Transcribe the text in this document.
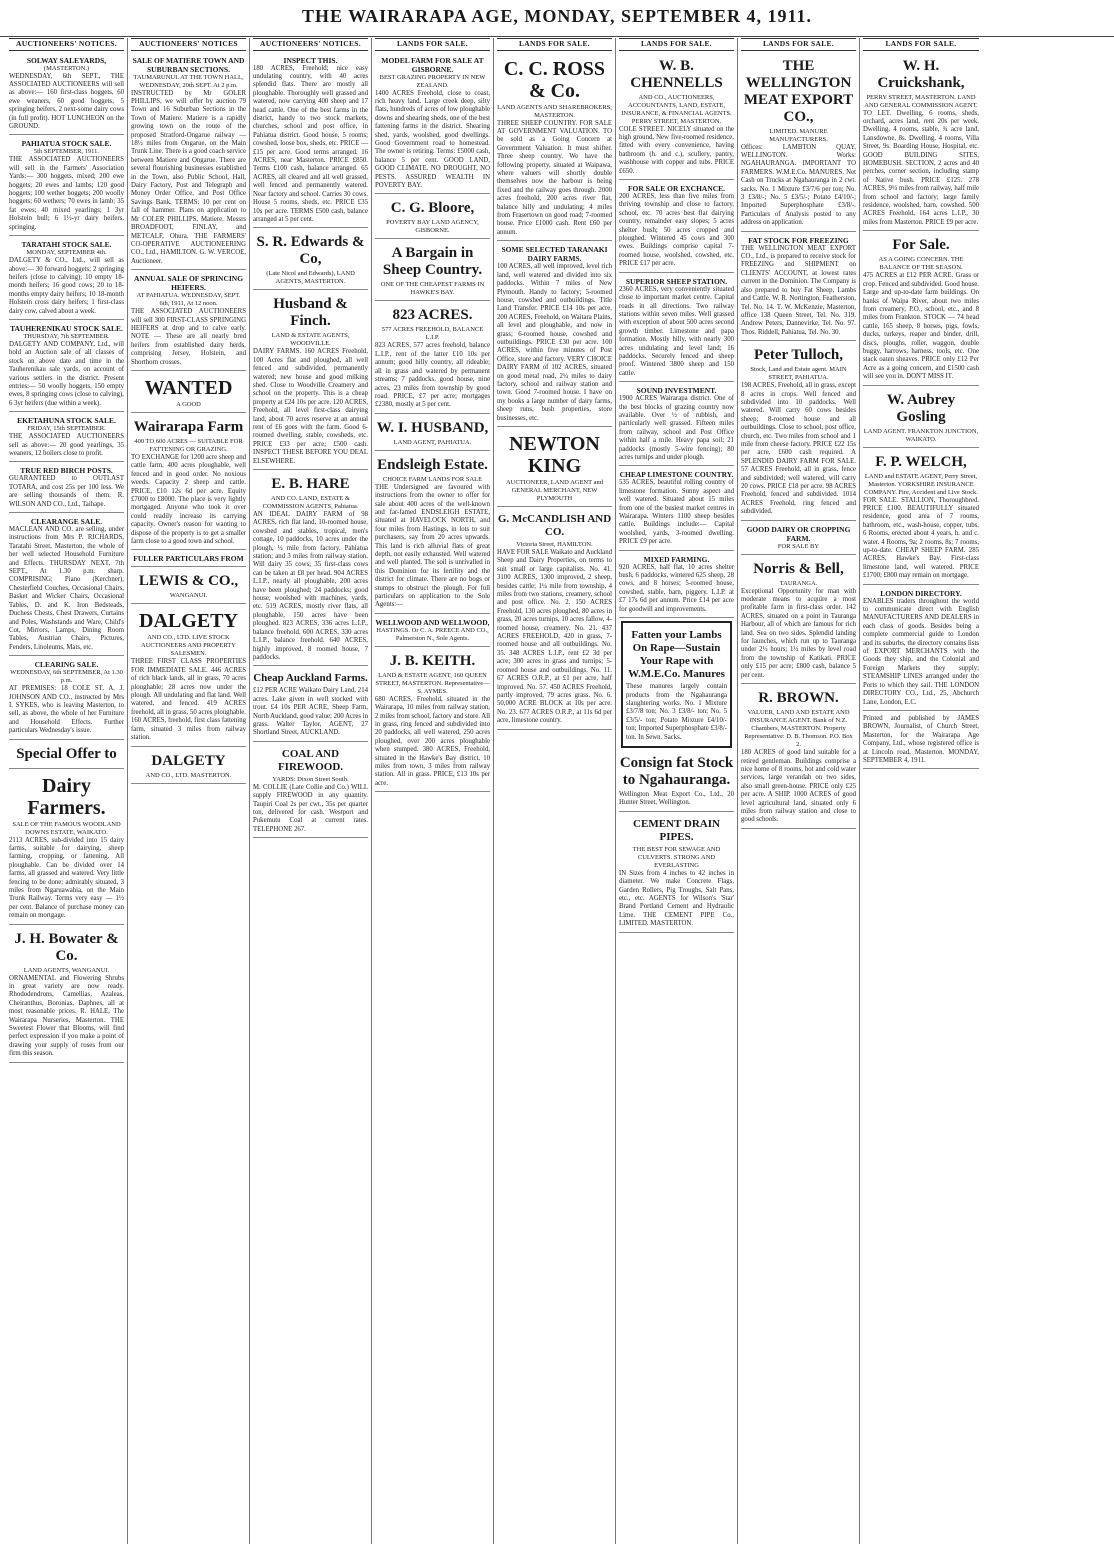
THE WAIRARAPA AGE, MONDAY, SEPTEMBER 4, 1911.
AUCTIONEERS' NOTICES.
SOLWAY SALEYARDS,
(MASTERTON.)
WEDNESDAY, 6th SEPT., THE ASSOCIATED AUCTIONEERS will sell as above:— 160 first-class hoggets, 60 ewe weaners, 60 good hoggets, 5 springing heifers, 2 next-some dairy cows (in full profit). HOT LUNCHEON on the GROUND.
PAHIATUA STOCK SALE.
5th SEPTEMBER, 1911.
THE ASSOCIATED AUCTIONEERS will sell in the Farmers' Association Yards:— 300 hoggets, mixed; 200 ewe hoggets; 20 ewes and lambs; 120 good hoggets; 100 wether hoggets; 200 woolly hoggets; 60 wethers; 70 ewes in lamb; 35 fat ewes; 40 mixed yearlings; 1 3yr Holstein bull; 6 1½-yr dairy heifers, springing.
TARATAHI STOCK SALE.
MONDAY, SEPTEMBER 4th.
DALGETY & CO., Ltd., will sell as above:— 30 forward hoggets; 2 springing heifers (close to calving); 10 empty 18-month heifers; 16 good cows; 20 to 18-months empty dairy heifers; 10 18-month Holstein cross dairy heifers; 1 first-class dairy cow, calved about a week.
TAUHERENIKAU STOCK SALE.
THURSDAY, 7th SEPTEMBER.
DALGETY AND COMPANY, Ltd., will hold an Auction sale of all classes of stock on above date and time in the Tauherenikau sale yards, on account of various settlers in the district. Present entries:— 50 woolly hoggets, 150 empty ewes, 8 springing cows (close to calving), 6 3yr heifers (due within a week).
EKETAHUNA STOCK SALE.
FRIDAY, 15th SEPTEMBER.
THE ASSOCIATED AUCTIONEERS sell as above:— 20 good yearlings, 35 weaners, 12 boilers close to profit.
TRUE RED BIRCH POSTS.
GUARANTEED to OUTLAST TOTARA, and cost 25s per 100 less. We are selling thousands of them. R. WILSON AND CO., Ltd., Taihape.
CLEARANGE SALE.
MACLEAN AND CO. are selling, under instructions from Mrs P. RICHARDS, Taratahi Street, Masterton, the whole of her well selected Household Furniture and Effects. THURSDAY NEXT, 7th SEPT., At 1.30 p.m. sharp. COMPRISING: Piano (Kerchner), Chesterfield Couches, Occasional Chairs, Basket and Wicker Chairs, Occasional Tables, D. and K. Iron Bedsteads, Duchess Chests, Chest Drawers, Curtains and Poles, Washstands and Ware, Child's Cot, Mirrors, Lamps, Dining Room Tables, Austrian Chairs, Pictures, Fenders, Linoleums, Mats, etc.
CLEARING SALE.
WEDNESDAY, 6th SEPTEMBER, At 1.30 p.m.
AT PREMISES: 18 COLE ST. A. J. JOHNSON AND CO., instructed by Mrs I. SYKES, who is leaving Masterton, to sell, as above, the whole of her Furniture and Household Effects. Further particulars Wednesday's issue.
Special Offer to
Dairy Farmers.
SALE OF THE FAMOUS WOODLAND DOWNS ESTATE, WAIKATO.
2113 ACRES, sub-divided into 15 dairy farms, suitable for dairying, sheep farming, cropping, or fattening. All ploughable. Can be divided over 14 farms, all grassed and watered. Very little fencing to be done; admirably situated, 3 miles from Ngaruawahia, on the Main Trunk Railway. Terms very easy — 1½ per cent. Balance of purchase money can remain on mortgage.
J. H. Bowater & Co.
LAND AGENTS, WANGANUI.
ORNAMENTAL and Flowering Shrubs in great variety are now ready. Rhododendrons, Camellias, Azaleas, Cheiranthus, Boronias, Daphnes, all at most reasonable prices. R. HALE, The Wairarapa Nurseries, Masterton. THE Sweetest Flower that Blooms, will find perfect expression if you make a point of drawing your supply of roses from our firm this season.
AUCTIONEERS' NOTICES
SALE OF MATIERE TOWN AND SUBURBAN SECTIONS.
TAUMARUNUI. AT THE TOWN HALL, WEDNESDAY, 20th SEPT. At 2 p.m.
INSTRUCTED by Mr GOLER PHILLIPS, we will offer by auction 79 Town and 16 Suburban Sections in the Town of Matiere. Matiere is a rapidly growing town on the route of the proposed Stratford-Ongarue railway — 18½ miles from Ongarue, on the Main Trunk Line. There is a good coach service between Matiere and Ongarue. There are several flourishing businesses established in the Town, also Public School, Hall, Dairy Factory, Post and Telegraph and Money Order Office, and Post Office Savings Bank. TERMS: 10 per cent on fall of hammer. Plans on application to Mr COLER PHILLIPS, Matiere. Messrs BROADFOOT, FINLAY, and METCALF, Ohura. THE FARMERS' CO-OPERATIVE AUCTIONEERING CO., Ltd., HAMILTON. G. W. VERCOE, Auctioneer.
ANNUAL SALE OF SPRINCING HEIFERS.
AT PAHIATUA. WEDNESDAY, SEPT. 6th, 1911, At 12 noon.
THE ASSOCIATED AUCTIONEERS will sell 300 FIRST-CLASS SPRINGING HEIFERS at drop and to calve early. NOTE — These are all nearly bred heifers from established dairy herds, comprising Jersey, Holstein, and Shorthorn crosses.
WANTED
A GOOD
Wairarapa Farm
400 TO 600 ACRES — SUITABLE FOR FATTENING OR GRAZING.
TO EXCHANGE for 1200 acre sheep and cattle farm, 400 acres ploughable, well fenced and in good order. No noxious weeds. Capacity 2 sheep and cattle. PRICE, £10 12s 6d per acre. Equity £7000 to £8000. The place is very lightly mortgaged. Anyone who took it over could readily increase its carrying capacity. Owner's reason for wanting to dispose of the property is to get a smaller farm close to a good town and school.
FULLER PARTICULARS FROM
LEWIS & CO.,
WANGANUI.
DALGETY
AND CO., LTD. LIVE STOCK AUCTIONEERS AND PROPERTY SALESMEN.
THREE FIRST CLASS PROPERTIES FOR IMMEDIATE SALE. 446 ACRES of rich black lands, all in grass, 70 acres ploughable; 28 acres now under the plough. All undulating and flat land. Well watered, and fenced. 419 ACRES freehold, all in grass, 50 acres ploughable. 160 ACRES, freehold, first class fattening farm, situated 3 miles from railway station.
DALGETY
AND CO., LTD. MASTERTON.
AUCTIONEERS' NOTICES.
INSPECT THIS.
180 ACRES, Freehold; nice easy undulating country, with 40 acres splendid flats. There are mostly all ploughable. Thoroughly well grassed and watered, now carrying 400 sheep and 17 head cattle. One of the best farms in the district, handy to two stock markets, churches, school and post office, in Pahiatua district. Good house, 5 rooms; cowshed, loose box, sheds, etc. PRICE — £15 per acre. Good terms arranged. 16 ACRES, near Masterton. PRICE £850. Terms £100 cash, balance arranged. 65 ACRES, all cleared and all well grassed, well fenced and permanently watered. Near factory and school. Carries 30 cows. House 5 rooms, sheds, etc. PRICE £35 10s per acre. TERMS £500 cash, balance arranged at 5 per cent.
S. R. Edwards & Co,
(Late Nicol and Edwards), LAND AGENTS, MASTERTON.
Husband & Finch.
LAND & ESTATE AGENTS, WOODVILLE.
DAIRY FARMS. 160 ACRES Freehold, 100 Acres flat and ploughed, all well fenced and subdivided, permanently watered; new house and good milking shed. Close to Woodville Creamery and school on the property. This is a cheap property at £24 10s per acre. 120 ACRES, Freehold, all level first-class dairying land, about 70 acres reserve at an annual rent of £6 goes with the farm. Good 6-roomed dwelling, stable, cowsheds, etc. PRICE £33 per acre; £500 cash. INSPECT THESE BEFORE YOU DEAL ELSEWHERE.
E. B. HARE
AND CO. LAND, ESTATE & COMMISSION AGENTS, Pahiatua.
AN IDEAL DAIRY FARM of 98 ACRES, rich flat land, 10-roomed house, cowshed and stables, tropical, men's cottage, 10 paddocks, 10 acres under the plough, ½ mile from factory. Pahiatua station; and 3 miles from railway station. Will dairy 35 cows; 35 first-class cows can be taken at £8 per head. 904 ACRES L.I.P., nearly all ploughable, 200 acres have been ploughed; 24 paddocks; good house, woolshed with machines, yards, etc. 519 ACRES, mostly river flats, all ploughable, 150 acres have been ploughed. 823 ACRES, 336 acres L.I.P., balance freehold. 600 ACRES, 330 acres L.I.P., balance freehold. 640 ACRES, highly improved, 8 roomed house, 7 paddocks.
Cheap Auckland Farms.
£12 PER ACRE Waikato Dairy Land, 214 acres. Lake given in well stocked with trout. £4 10s PER ACRE, Sheep Farm, North Auckland, good value; 200 Acres in grass. Walter Taylor, AGENT, 27 Shortland Street, AUCKLAND.
COAL AND FIREWOOD.
YARDS: Dixon Street South.
M. COLLIE (Late Collie and Co.) WILL supply FIREWOOD in any quantity. Taupiri Coal 2s per cwt., 35s per quarter ton, delivered for cash. Westport and Pukemutu Coal at current rates. TELEPHONE 267.
LANDS FOR SALE.
MODEL FARM FOR SALE AT GISBORNE.
BEST GRAZING PROPERTY IN NEW ZEALAND.
1400 ACRES Freehold, close to coast, rich heavy land. Large creek deep, silty flats, hundreds of acres of low ploughable downs and shearing sheds, one of the best fattening farms in the district. Shearing shed, yards, woolshed, good dwellings. Good Government road to homestead. The owner is retiring. Terms: £5000 cash, balance 5 per cent. GOOD LAND, GOOD CLIMATE. NO DROUGHT, NO PESTS. ASSURED WEALTH IN POVERTY BAY.
C. G. Bloore,
POVERTY BAY LAND AGENCY, GISBORNE.
A Bargain in Sheep Country.
ONE OF THE CHEAPEST FARMS IN HAWKE'S BAY.
823 ACRES.
577 ACRES FREEHOLD, BALANCE L.I.P.
823 ACRES, 577 acres freehold, balance L.I.P., rent of the latter £10 10s per annum; good hilly country, all rideable; all in grass and watered by permanent streams; 7 paddocks, good house, nine acres, 23 miles from township by good road. PRICE, £7 per acre; mortgages £2380, mostly at 5 per cent.
W. I. HUSBAND,
LAND AGENT, PAHIATUA.
Endsleigh Estate.
CHOICE FARM LANDS FOR SALE
THE Undersigned are favoured with instructions from the owner to offer for sale about 400 acres of the well-known and far-famed ENDSLEIGH ESTATE, situated at HAVELOCK NORTH, and four miles from Hastings, in lots to suit purchasers, say from 20 acres upwards. This land is rich alluvial flats of great depth, not easily exhausted. Well watered and well planted. The soil is unrivalled in this Dominion for its fertility and the district for climate. There are no bogs or stumps to obstruct the plough. For full particulars on application to the Sole Agents:—
WELLWOOD AND WELLWOOD,
HASTINGS. Or C. A. PREECE AND CO., Palmerston N., Sole Agents.
J. B. KEITH.
LAND & ESTATE AGENT, 160 QUEEN STREET, MASTERTON. Representative—S. AYMES.
680 ACRES, Freehold, situated in the Wairarapa, 10 miles from railway station, 2 miles from school, factory and store. All in grass, ring fenced and subdivided into 20 paddocks, all well watered, 250 acres ploughed, over 200 acres ploughable when stumped. 380 ACRES, Freehold, situated in the Hawke's Bay district, 10 miles from town, 3 miles from railway station. All in grass. PRICE, £13 10s per acre.
LANDS FOR SALE.
C. C. ROSS & Co.
LAND AGENTS AND SHAREBROKERS, MASTERTON.
THREE SHEEP COUNTRY. FOR SALE AT GOVERNMENT VALUATION. TO be sold as a Going Concern at Government Valuation. It must shifter. Three sheep country. We have the following property, situated at Waipawa, where valuers will shortly double themselves now the harbour is being fixed and the railway goes through. 2000 acres freehold, 200 acres river flat, balance hilly and undulating; 4 miles from Frasertown on good road; 7-roomed house. Price £1000 cash. Rent £60 per annum.
SOME SELECTED TARANAKI DAIRY FARMS.
100 ACRES, all well improved, level rich land, well watered and divided into six paddocks. Within 7 miles of New Plymouth. Handy to factory; 5-roomed house, cowshed and outbuildings. Title Land Transfer. PRICE £14 10s per acre. 200 ACRES, Freehold, on Waitara Plains, all level and ploughable, and now in grass; 6-roomed house, cowshed and outbuildings. PRICE £30 per acre. 100 ACRES, within five minutes of Post Office, store and factory. VERY CHOICE DAIRY FARM of 102 ACRES, situated on good metal road, 2¼ miles to dairy factory, school and railway station and town. Good 7-roomed house. I have on my books a large number of dairy farms, sheep runs, bush properties, store businesses, etc.
NEWTON KING
AUCTIONEER, LAND AGENT and GENERAL MERCHANT, NEW PLYMOUTH
G. McCANDLISH AND CO.
Victoria Street, HAMILTON.
HAVE FOR SALE Waikato and Auckland Sheep and Dairy Properties, on terms to suit small or large capitalists. No. 41. 3100 ACRES, 1300 improved, 2 sheep, besides cattle; 1¼ mile from township, 4 miles from two stations, creamery, school and post office. No. 2. 150 ACRES Freehold, 130 acres ploughed, 80 acres in grass, 20 acres turnips, 10 acres fallow, 4-roomed house, creamery. No. 21. 437 ACRES FREEHOLD, 420 in grass, 7-roomed house and all outbuildings. No. 35. 348 ACRES L.I.P., rent £2 3d per acre; 300 acres in grass and turnips; 5-roomed house and outbuildings. No. 11. 67 ACRES O.R.P., at £1 per acre, half improved. No. 57. 450 ACRES Freehold, partly improved, 79 acres grass. No. 6. 50,000 ACRE BLOCK at 10s per acre. No. 23. 677 ACRES O.R.P., at 11s 6d per acre, limestone country.
LANDS FOR SALE.
W. B. CHENNELLS
AND CO., AUCTIONEERS, ACCOUNTANTS, LAND, ESTATE, INSURANCE, & FINANCIAL AGENTS. PERRY STREET, MASTERTON.
COLE STREET. NICELY situated on the high ground, New five-roomed residence, fitted with every convenience, having bathroom (h. and c.), scullery, pantry, washhouse with copper and tubs. PRICE £650.
FOR SALE OR EXCHANCE.
200 ACRES, less than five miles from thriving township and close to factory, school, etc. 70 acres best flat dairying country, remainder easy slopes; 5 acres shelter bush; 50 acres cropped and ploughed. Wintered 45 cows and 300 ewes. Buildings comprise capital 7-roomed house, woolshed, cowshed, etc. PRICE £17 per acre.
SUPERIOR SHEEP STATION.
2360 ACRES, very conveniently situated close to important market centre. Capital roads in all directions. Two railway stations within seven miles. Well grassed with exception of about 500 acres second growth timber. Limestone and papa formation. Mostly hilly, with nearly 300 acres undulating and level land; 16 paddocks. Securely fenced and sheep proof. Wintered 3800 sheep and 150 cattle.
SOUND INVESTMENT.
1900 ACRES Wairarapa district. One of the best blocks of grazing country now available. Over ½ of rubbish, and particularly well grassed. Fifteen miles from railway, school and Post Office within half a mile. Heavy papa soil; 21 paddocks (mostly 5-wire fencing); 80 acres turnips and under plough.
CHEAP LIMESTONE COUNTRY.
535 ACRES, beautiful rolling country of limestone formation. Sunny aspect and well watered. Situated about 15 miles from one of the busiest market centres in Wairarapa. Winters 1100 sheep besides cattle. Buildings include:— Capital woolshed, yards, 3-roomed dwelling. PRICE £9 per acre.
MIXED FARMING.
920 ACRES, half flat, 10 acres shelter bush, 6 paddocks, wintered 625 sheep, 28 cows, and 8 horses; 5-roomed house, cowshed, stable, barn, piggery. L.I.P. at £7 17s 6d per annum. Price £14 per acre for goodwill and improvements.
Fatten your Lambs On Rape—Sustain Your Rape with W.M.E.Co. Manures
These manures largely contain products from the Ngahauranga slaughtering works. No. 1 Mixture £3/7/8 ton; No. 3 £3/8/- ton; No. 5 £3/5/- ton; Potato Mixture £4/10/- ton; Imported Superphosphate £3/8/- ton. In Sewn. Sacks.
Consign fat Stock to Ngahauranga.
Wellington Meat Export Co., Ltd., 20 Hunter Street, Wellington.
CEMENT DRAIN PIPES.
THE BEST FOR SEWAGE AND CULVERTS. STRONG AND EVERLASTING
IN Sizes from 4 inches to 42 inches in diameter. We make Concrete Flags, Garden Rollers, Pig Troughs, Salt Pans, etc., etc. AGENTS for Wilson's 'Star' Brand Portland Cement and Hydraulic Lime. THE CEMENT PIPE Co., LIMITED. MASTERTON.
LANDS FOR SALE.
THE WELLINGTON MEAT EXPORT CO.,
LIMITED. MANURE MANUFACTURERS.
Offices: LAMBTON QUAY, WELLINGTON. Works: NGAHAURANGA. IMPORTANT TO FARMERS. W.M.E.Co. MANURES. Net Cash on Trucks at Ngahauranga in 2 cwt. sacks. No. 1 Mixture £3/7/6 per ton; No. 3 £3/8/-; No. 5 £3/5/-; Potato £4/10/-; Imported Superphosphate £3/8/-. Particulars of Analysis posted to any address on application.
FAT STOCK FOR FREEZING
THE WELLINGTON MEAT EXPORT CO., Ltd., is prepared to receive stock for FREEZING and SHIPMENT on CLIENTS' ACCOUNT, at lowest rates current in the Dominion. The Company is also prepared to buy Fat Sheep, Lambs and Cattle. W. R. Nortington, Featherston, Tel. No. 14. T. W. McKenzie, Masterton, office 138 Queen Street, Tel. No. 319. Andrew Peters, Dannevirke, Tel. No. 97. Thos. Riddell, Pahiatua, Tel. No. 30.
Peter Tulloch,
Stock, Land and Estate agent. MAIN STREET, PAHIATUA.
198 ACRES, Freehold, all in grass, except 8 acres in crops. Well fenced and subdivided into 10 paddocks. Well watered. Will carry 60 cows besides sheep; 8-roomed house and all outbuildings. Close to school, post office, church, etc. Two miles from school and 1 mile from cheese factory. PRICE £22 15s per acre. £600 cash required. A SPLENDID DAIRY FARM FOR SALE. 57 ACRES Freehold, all in grass, fence and subdivided; well watered, will carry 20 cows. PRICE £18 per acre. 98 ACRES Freehold, fenced and subdivided. 1014 ACRES Freehold, ring fenced and subdivided.
GOOD DAIRY OR CROPPING FARM.
FOR SALE BY
Norris & Bell,
TAURANGA.
Exceptional Opportunity for man with moderate means to acquire a most profitable farm in first-class order. 142 ACRES, situated on a point in Tauranga Harbour, all of which are famous for rich land. Sea on two sides. Splendid landing for launches, which run up to Tauranga under 2½ hours; 1½ miles by level road from the township of Katikati. PRICE only £15 per acre; £800 cash, balance 5 per cent.
R. BROWN.
VALUER, LAND AND ESTATE AND INSURANCE AGENT. Bank of N.Z. Chambers, MASTERTON. Property Representative: D. B. Thomson. P.O. Box 2.
180 ACRES of good land suitable for a retired gentleman. Buildings comprise a nice home of 8 rooms, hot and cold water services, large verandah on two sides, also small green-house. PRICE only £25 per acre. A SHIP. 1000 ACRES of good level agricultural land, situated only 6 miles from railway station and close to good schools.
LANDS FOR SALE.
W. H. Cruickshank,
PERRY STREET, MASTERTON. LAND AND GENERAL COMMISSION AGENT.
TO LET. Dwelling, 6 rooms, sheds, orchard, acres land, rent 20s per week. Dwelling, 4 rooms, stable, ¾ acre land, Lansdowne, 8s. Dwelling, 4 rooms, Villa Street, 9s. Boarding House, Hospital, etc. GOOD BUILDING SITES, HOMEBUSH. SECTION, 2 acres and 40 perches, corner section, including stamp of Native bush. PRICE £125. 278 ACRES, 9¼ miles from railway, half mile from school and factory; large family residence, woolshed, barn, cowshed. 500 ACRES Freehold, 164 acres L.I.P., 30 miles from Masterton. PRICE £9 per acre.
For Sale.
AS A GOING CONCERN. THE BALANCE OF THE SEASON.
475 ACRES at £12 PER ACRE. Grass or crop. Fenced and subdivided. Good house. Large and up-to-date farm buildings. On banks of Waipa River, about two miles from creamery, P.O., school, etc., and 8 miles from Frankton. STOCK — 74 head cattle, 165 sheep, 8 horses, pigs, fowls, ducks, turkeys, reaper and binder, drill, discs, ploughs, roller, waggon, double buggy, harrows, harness, tools, etc. One stack oaten sheaves. PRICE only £12 Per Acre as a going concern, and £1500 cash will see you in. DON'T MISS IT.
W. Aubrey Gosling
LAND AGENT. FRANKTON JUNCTION, WAIKATO.
F. P. WELCH,
LAND and ESTATE AGENT, Perry Street, Masterton. YORKSHIRE INSURANCE COMPANY. Fire, Accident and Live Stock.
FOR SALE. STALLION, Thoroughbred. PRICE £100. BEAUTIFULLY situated residence, good area of 7 rooms, bathroom, etc., wash-house, copper, tubs. 6 Rooms, erected about 4 years, h. and c. water. 4 Rooms, 9a; 2 rooms, 8s; 7 rooms, up-to-date. CHEAP SHEEP FARM. 285 ACRES, Hawke's Bay. First-class limestone land, well watered. PRICE £1700; £800 may remain on mortgage.
LONDON DIRECTORY.
ENABLES traders throughout the world to communicate direct with English MANUFACTURERS AND DEALERS in each class of goods. Besides being a complete commercial guide to London and its suburbs, the directory contains lists of EXPORT MERCHANTS with the Goods they ship, and the Colonial and Foreign Markets they supply; STEAMSHIP LINES arranged under the Ports to which they sail. THE LONDON DIRECTORY CO., Ltd., 25, Abchurch Lane, London, E.C.
Printed and published by JAMES BROWN, Journalist, of Church Street, Masterton, for the Wairarapa Age Company, Ltd., whose registered office is at Lincoln road, Masterton. MONDAY, SEPTEMBER 4, 1911.
